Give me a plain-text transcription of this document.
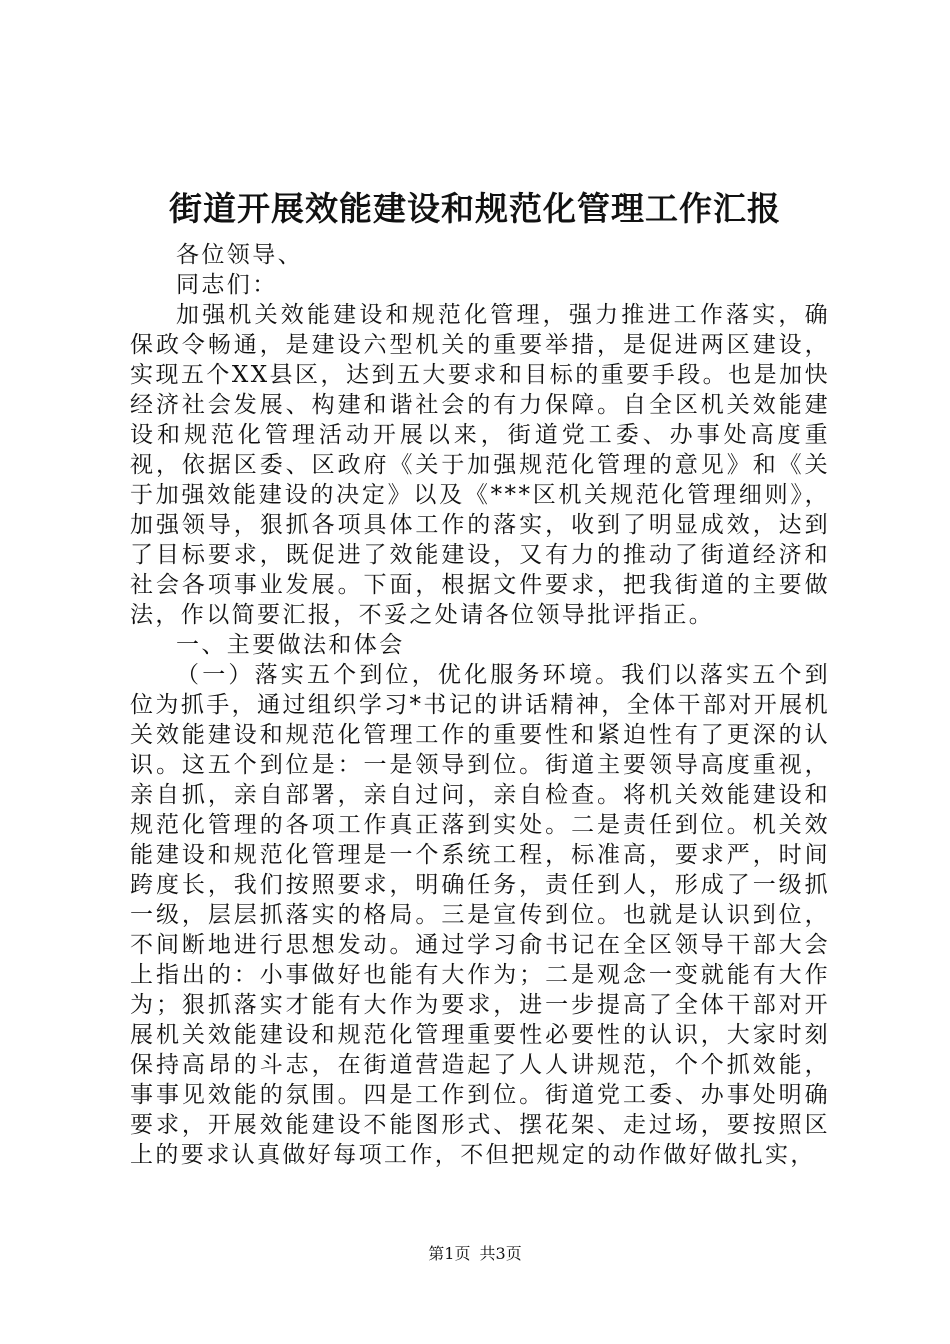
街道开展效能建设和规范化管理工作汇报

各位领导、

同志们：

加强机关效能建设和规范化管理，强力推进工作落实，确保政令畅通，是建设六型机关的重要举措，是促进两区建设，实现五个XX县区，达到五大要求和目标的重要手段。也是加快经济社会发展、构建和谐社会的有力保障。自全区机关效能建设和规范化管理活动开展以来，街道党工委、办事处高度重视，依据区委、区政府《关于加强规范化管理的意见》和《关于加强效能建设的决定》以及《***区机关规范化管理细则》，加强领导，狠抓各项具体工作的落实，收到了明显成效，达到了目标要求，既促进了效能建设，又有力的推动了街道经济和社会各项事业发展。下面，根据文件要求，把我街道的主要做法，作以简要汇报，不妥之处请各位领导批评指正。

一、主要做法和体会

（一）落实五个到位，优化服务环境。我们以落实五个到位为抓手，通过组织学习*书记的讲话精神，全体干部对开展机关效能建设和规范化管理工作的重要性和紧迫性有了更深的认识。这五个到位是：一是领导到位。街道主要领导高度重视，亲自抓，亲自部署，亲自过问，亲自检查。将机关效能建设和规范化管理的各项工作真正落到实处。二是责任到位。机关效能建设和规范化管理是一个系统工程，标准高，要求严，时间跨度长，我们按照要求，明确任务，责任到人，形成了一级抓一级，层层抓落实的格局。三是宣传到位。也就是认识到位，不间断地进行思想发动。通过学习俞书记在全区领导干部大会上指出的：小事做好也能有大作为；二是观念一变就能有大作为；狠抓落实才能有大作为要求，进一步提高了全体干部对开展机关效能建设和规范化管理重要性必要性的认识，大家时刻保持高昂的斗志，在街道营造起了人人讲规范，个个抓效能，事事见效能的氛围。四是工作到位。街道党工委、办事处明确要求，开展效能建设不能图形式、摆花架、走过场，要按照区上的要求认真做好每项工作，不但把规定的动作做好做扎实，

第1页 共3页
